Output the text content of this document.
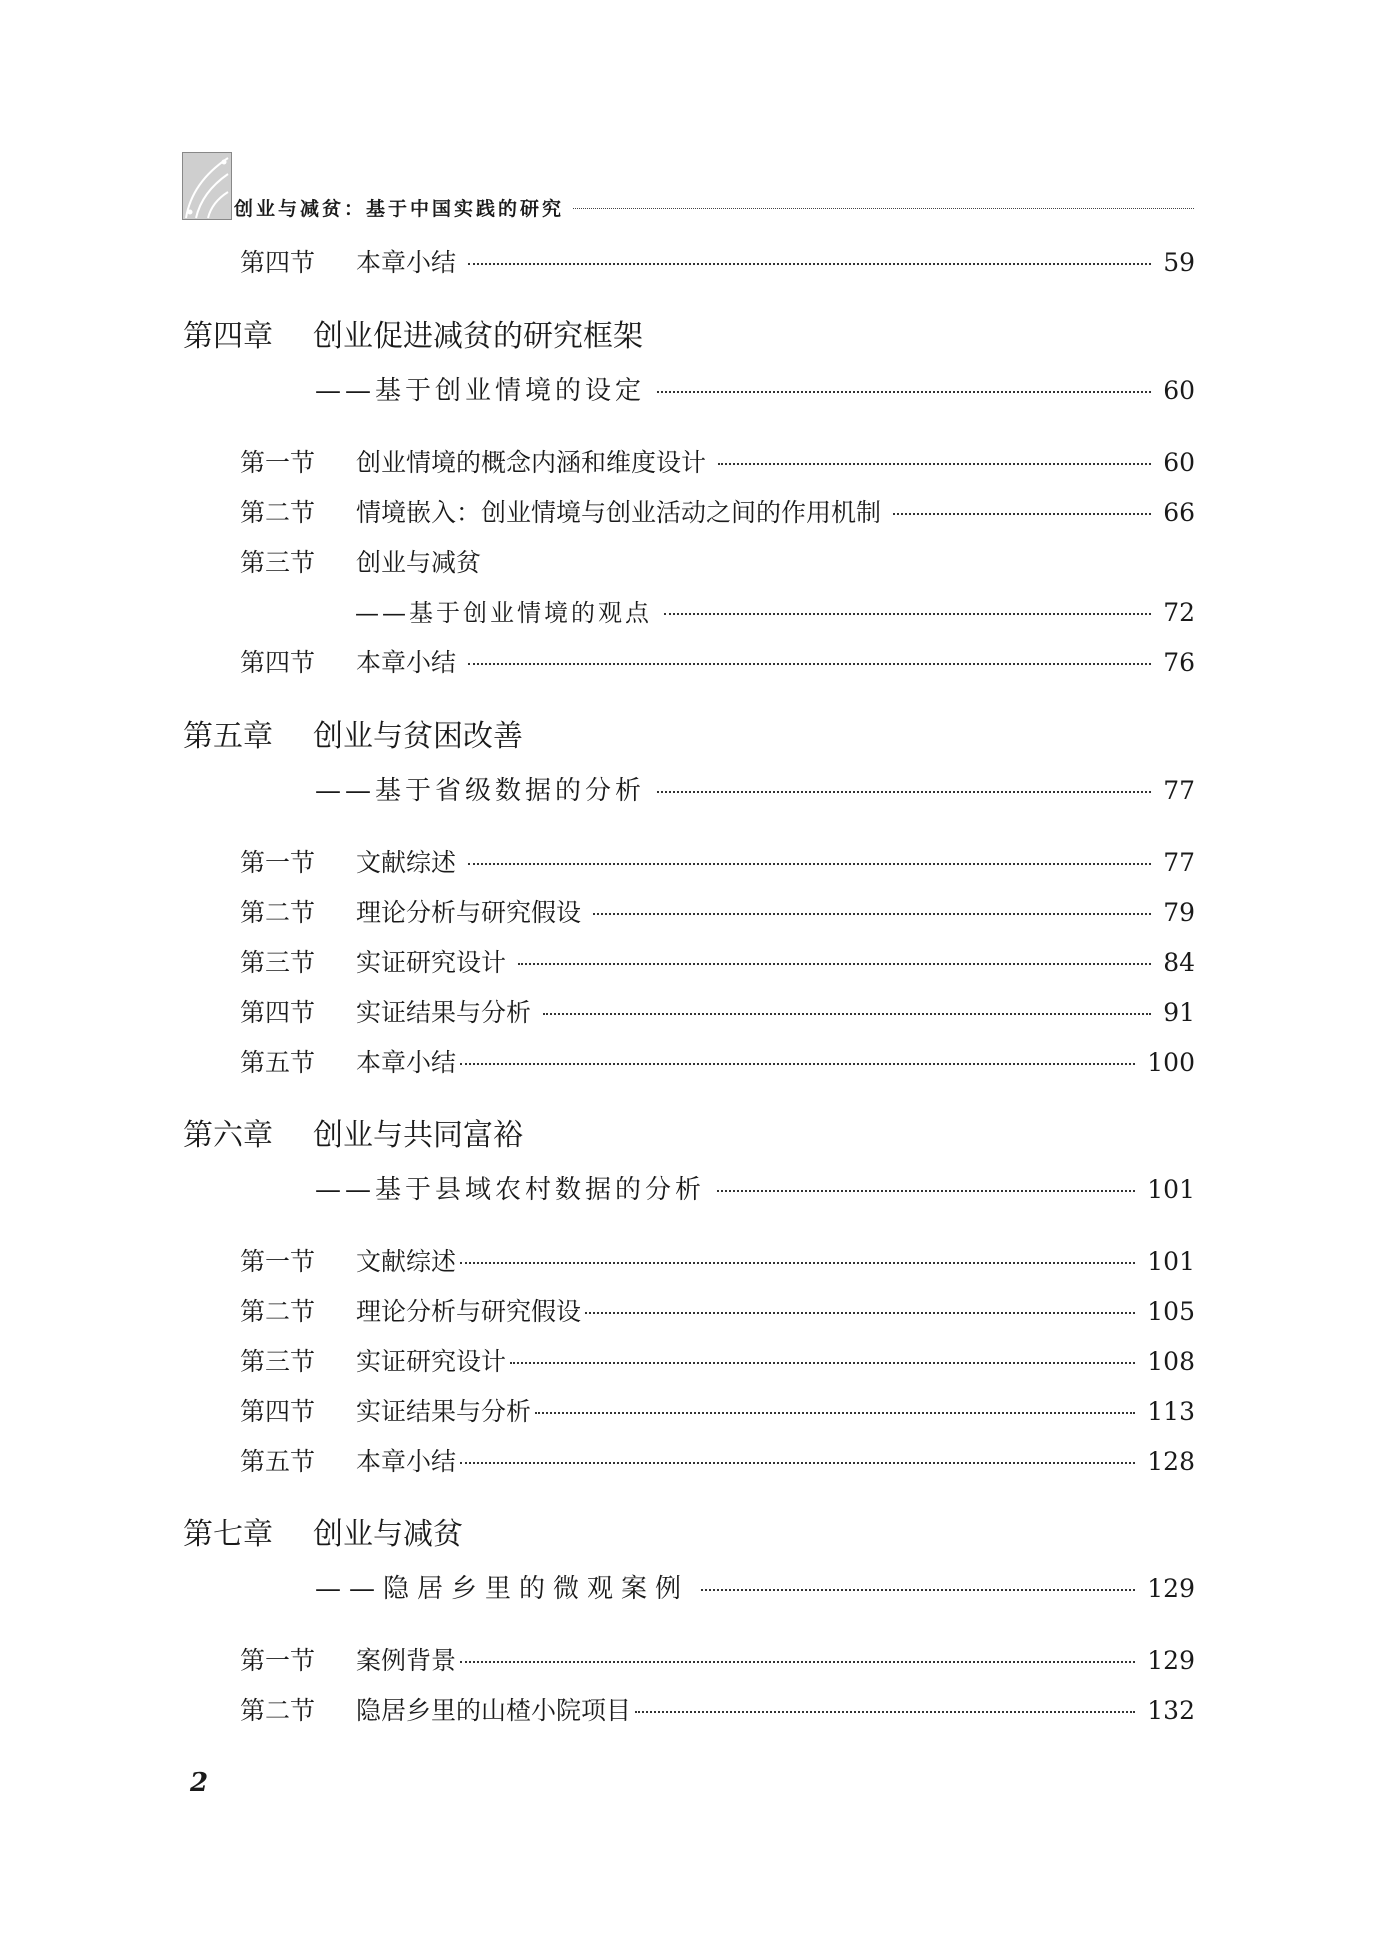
创业与减贫：基于中国实践的研究
第四节	本章小结	59
第四章 创业促进减贫的研究框架
——基于创业情境的设定	60
第一节	创业情境的概念内涵和维度设计	60
第二节	情境嵌入：创业情境与创业活动之间的作用机制	66
第三节 创业与减贫
——基于创业情境的观点	72
第四节	本章小结	76
第五章 创业与贫困改善
——基于省级数据的分析	77
第一节	文献综述	77
第二节	理论分析与研究假设	79
第三节	实证研究设计	84
第四节	实证结果与分析	91
第五节	本章小结	100
第六章 创业与共同富裕
——基于县域农村数据的分析	101
第一节	文献综述	101
第二节	理论分析与研究假设	105
第三节	实证研究设计	108
第四节	实证结果与分析	113
第五节	本章小结	128
第七章 创业与减贫
——隐居乡里的微观案例	129
第一节	案例背景	129
第二节	隐居乡里的山楂小院项目	132
2
